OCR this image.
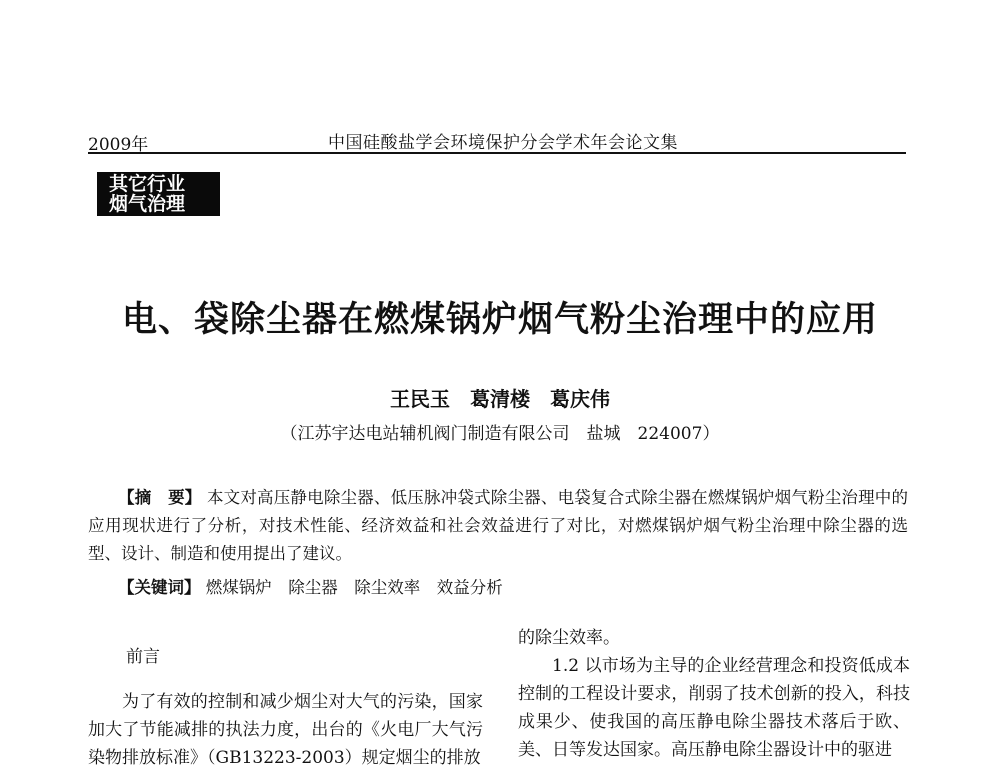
2009年	中国硅酸盐学会环境保护分会学术年会论文集
其它行业
烟气治理
电、袋除尘器在燃煤锅炉烟气粉尘治理中的应用
王民玉　葛清楼　葛庆伟
（江苏宇达电站辅机阀门制造有限公司　盐城　224007）
【摘　要】 本文对高压静电除尘器、低压脉冲袋式除尘器、电袋复合式除尘器在燃煤锅炉烟气粉尘治理中的应用现状进行了分析，对技术性能、经济效益和社会效益进行了对比，对燃煤锅炉烟气粉尘治理中除尘器的选型、设计、制造和使用提出了建议。
【关键词】 燃煤锅炉　除尘器　除尘效率　效益分析
前言

为了有效的控制和减少烟尘对大气的污染，国家加大了节能减排的执法力度，出台的《火电厂大气污染物排放标准》（GB13223-2003）规定烟尘的排放

的除尘效率。

1.2 以市场为主导的企业经营理念和投资低成本控制的工程设计要求，削弱了技术创新的投入，科技成果少、使我国的高压静电除尘器技术落后于欧、美、日等发达国家。高压静电除尘器设计中的驱进
